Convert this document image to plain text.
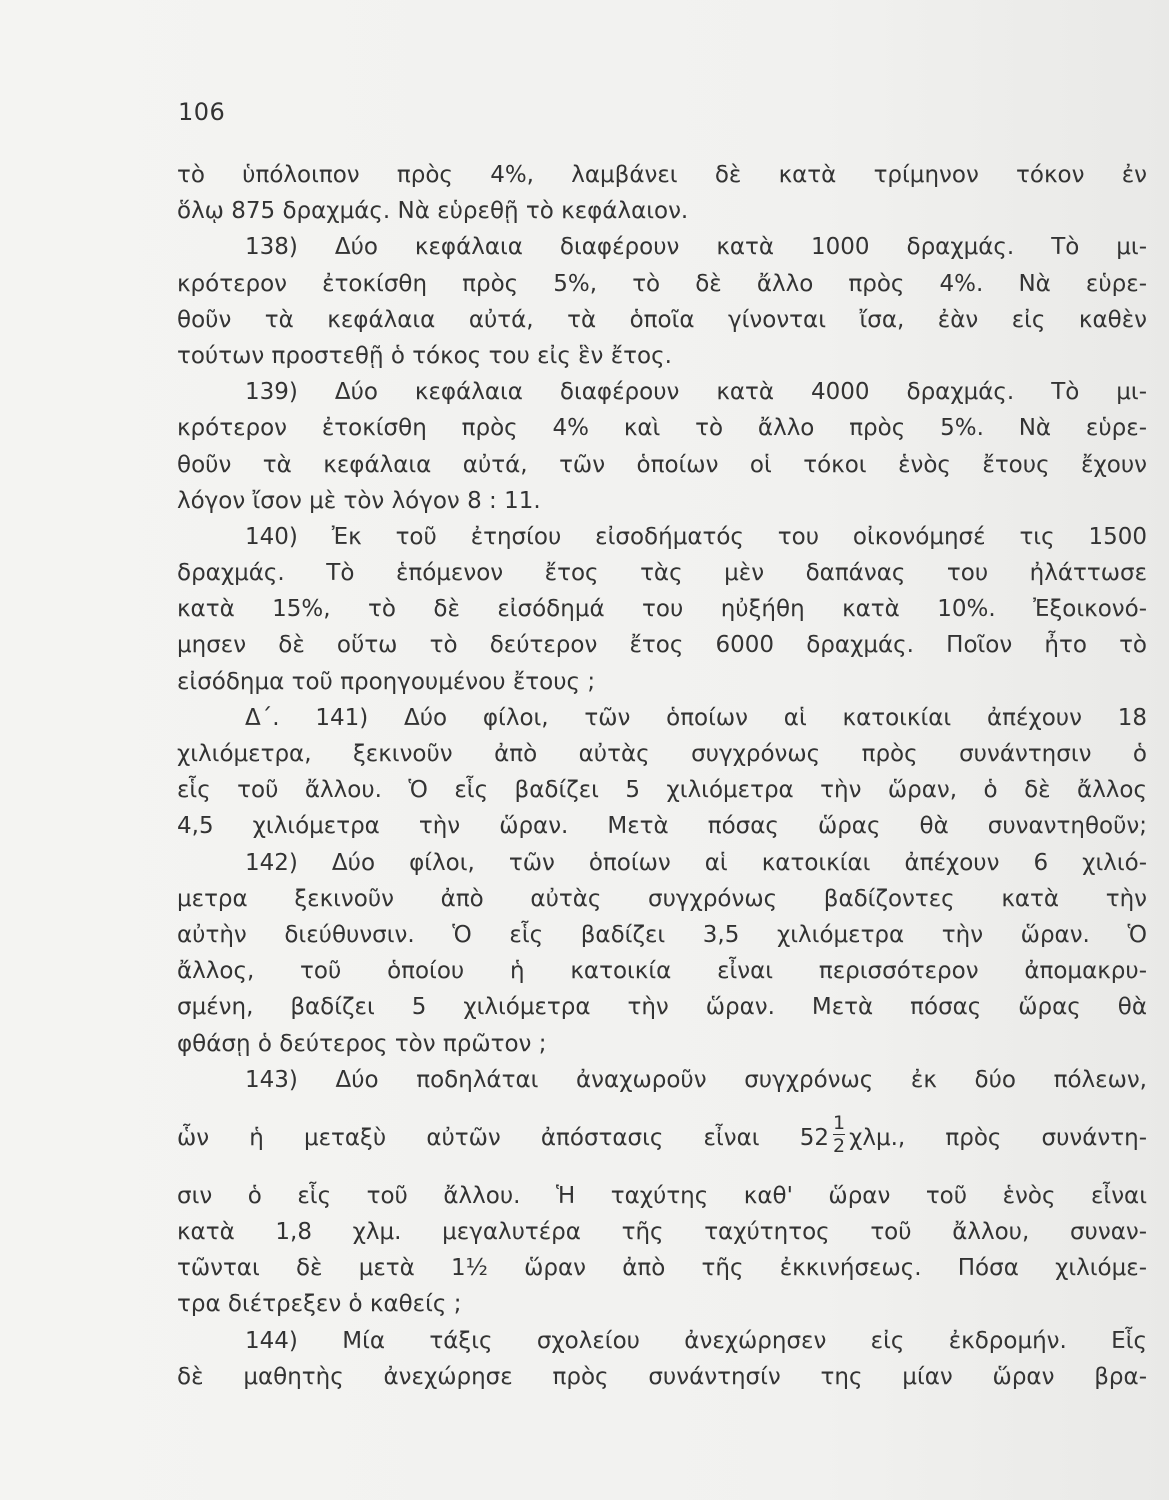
106
τὸ ὑπόλοιπον πρὸς 4%, λαμβάνει δὲ κατὰ τρίμηνον τόκον ἐν
ὅλῳ 875 δραχμάς. Νὰ εὑρεθῇ τὸ κεφάλαιον.
138) Δύο κεφάλαια διαφέρουν κατὰ 1000 δραχμάς. Τὸ μι-
κρότερον ἐτοκίσθη πρὸς 5%, τὸ δὲ ἄλλο πρὸς 4%. Νὰ εὑρε-
θοῦν τὰ κεφάλαια αὐτά, τὰ ὁποῖα γίνονται ἴσα, ἐὰν εἰς καθὲν
τούτων προστεθῇ ὁ τόκος του εἰς ἓν ἔτος.
139) Δύο κεφάλαια διαφέρουν κατὰ 4000 δραχμάς. Τὸ μι-
κρότερον ἐτοκίσθη πρὸς 4% καὶ τὸ ἄλλο πρὸς 5%. Νὰ εὑρε-
θοῦν τὰ κεφάλαια αὐτά, τῶν ὁποίων οἱ τόκοι ἑνὸς ἔτους ἔχουν
λόγον ἴσον μὲ τὸν λόγον 8 : 11.
140) Ἐκ τοῦ ἐτησίου εἰσοδήματός του οἰκονόμησέ τις 1500
δραχμάς. Τὸ ἑπόμενον ἔτος τὰς μὲν δαπάνας του ἠλάττωσε
κατὰ 15%, τὸ δὲ εἰσόδημά του ηὐξήθη κατὰ 10%. Ἐξοικονό-
μησεν δὲ οὕτω τὸ δεύτερον ἔτος 6000 δραχμάς. Ποῖον ἦτο τὸ
εἰσόδημα τοῦ προηγουμένου ἔτους ;
Δ΄. 141) Δύο φίλοι, τῶν ὁποίων αἱ κατοικίαι ἀπέχουν 18
χιλιόμετρα, ξεκινοῦν ἀπὸ αὐτὰς συγχρόνως πρὸς συνάντησιν ὁ
εἷς τοῦ ἄλλου. Ὁ εἷς βαδίζει 5 χιλιόμετρα τὴν ὥραν, ὁ δὲ ἄλλος
4,5 χιλιόμετρα τὴν ὥραν. Μετὰ πόσας ὥρας θὰ συναντηθοῦν;
142) Δύο φίλοι, τῶν ὁποίων αἱ κατοικίαι ἀπέχουν 6 χιλιό-
μετρα ξεκινοῦν ἀπὸ αὐτὰς συγχρόνως βαδίζοντες κατὰ τὴν
αὐτὴν διεύθυνσιν. Ὁ εἷς βαδίζει 3,5 χιλιόμετρα τὴν ὥραν. Ὁ
ἄλλος, τοῦ ὁποίου ἡ κατοικία εἶναι περισσότερον ἀπομακρυ-
σμένη, βαδίζει 5 χιλιόμετρα τὴν ὥραν. Μετὰ πόσας ὥρας θὰ
φθάσῃ ὁ δεύτερος τὸν πρῶτον ;
143) Δύο ποδηλάται ἀναχωροῦν συγχρόνως ἐκ δύο πόλεων,
ὧν ἡ μεταξὺ αὐτῶν ἀπόστασις εἶναι $52 \frac{1}{2} \chi\lambda\mu$., πρὸς συνάντη-
σιν ὁ εἷς τοῦ ἄλλου. Ἡ ταχύτης καθ' ὥραν τοῦ ἑνὸς εἶναι
κατὰ 1,8 χλμ. μεγαλυτέρα τῆς ταχύτητος τοῦ ἄλλου, συναν-
τῶνται δὲ μετὰ 1½ ὥραν ἀπὸ τῆς ἐκκινήσεως. Πόσα χιλιόμε-
τρα διέτρεξεν ὁ καθείς ;
144) Μία τάξις σχολείου ἀνεχώρησεν εἰς ἐκδρομήν. Εἷς
δὲ μαθητὴς ἀνεχώρησε πρὸς συνάντησίν της μίαν ὥραν βρα-
